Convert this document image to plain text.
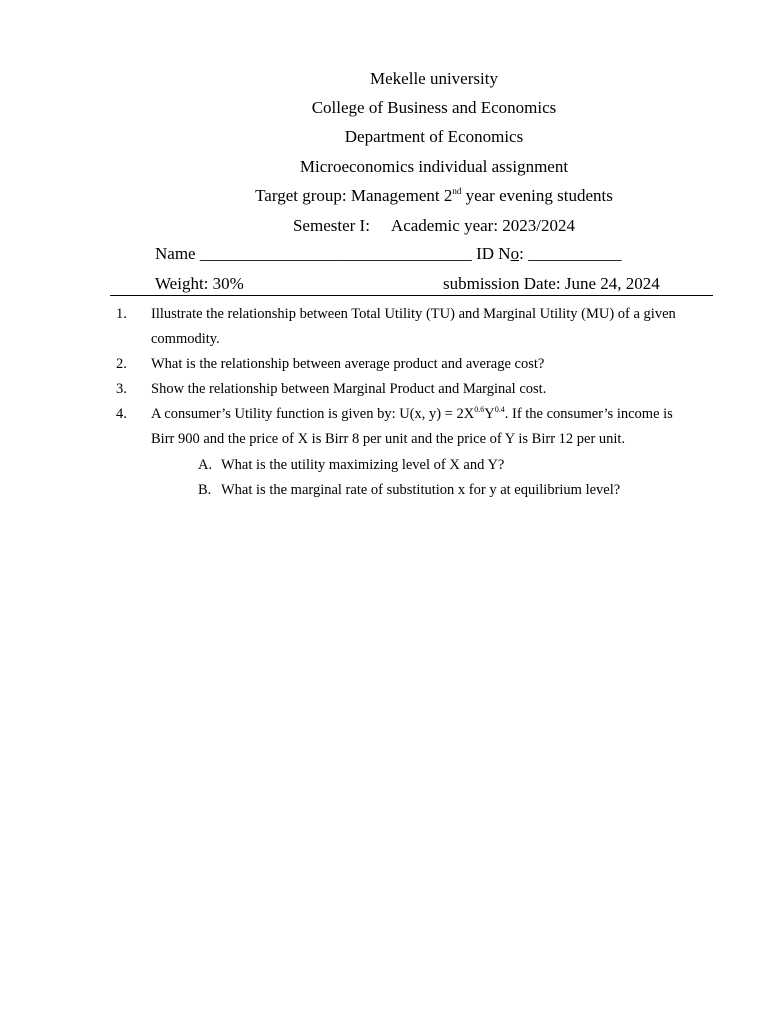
Mekelle university
College of Business and Economics
Department of Economics
Microeconomics individual assignment
Target group: Management 2nd year evening students
Semester I: Academic year: 2023/2024
Name ________________________________ ID No: ___________
Weight: 30%	submission Date: June 24, 2024
1. Illustrate the relationship between Total Utility (TU) and Marginal Utility (MU) of a given
commodity.
2. What is the relationship between average product and average cost?
3. Show the relationship between Marginal Product and Marginal cost.
4. A consumer’s Utility function is given by: U(x, $y) = 2X^{0.6}Y^{0.4}$. If the consumer’s income is
Birr 900 and the price of X is Birr 8 per unit and the price of Y is Birr 12 per unit.
A. What is the utility maximizing level of X and Y?
B. What is the marginal rate of substitution x for y at equilibrium level?
